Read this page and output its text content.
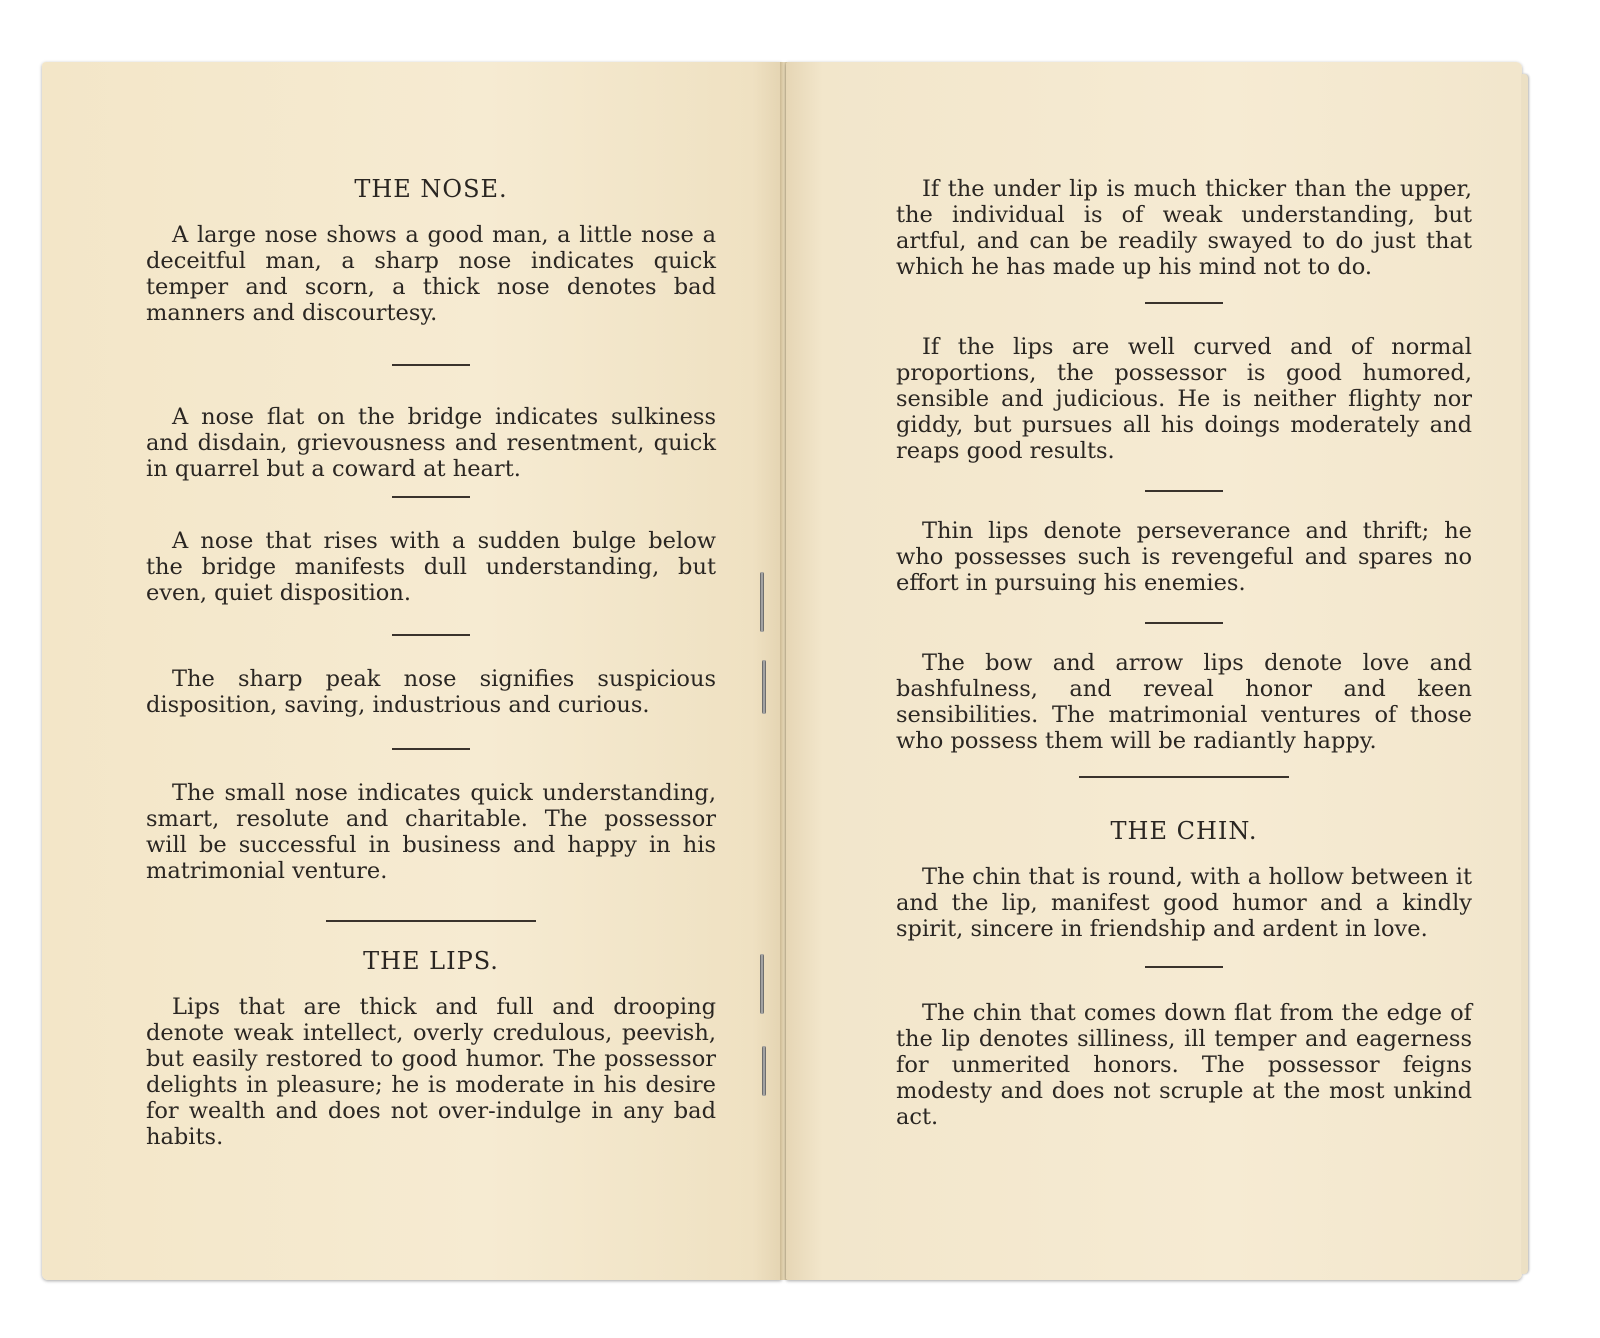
THE NOSE.

A large nose shows a good man, a little nose a deceitful man, a sharp nose indicates quick temper and scorn, a thick nose denotes bad manners and discourtesy.

A nose flat on the bridge indicates sulkiness and disdain, grievousness and resentment, quick in quarrel but a coward at heart.

A nose that rises with a sudden bulge below the bridge manifests dull understanding, but even, quiet disposition.

The sharp peak nose signifies suspicious disposition, saving, industrious and curious.

The small nose indicates quick understanding, smart, resolute and charitable. The possessor will be successful in business and happy in his matrimonial venture.

THE LIPS.

Lips that are thick and full and drooping denote weak intellect, overly credulous, peevish, but easily restored to good humor. The possessor delights in pleasure; he is moderate in his desire for wealth and does not over-indulge in any bad habits.

If the under lip is much thicker than the upper, the individual is of weak understanding, but artful, and can be readily swayed to do just that which he has made up his mind not to do.

If the lips are well curved and of normal proportions, the possessor is good humored, sensible and judicious. He is neither flighty nor giddy, but pursues all his doings moderately and reaps good results.

Thin lips denote perseverance and thrift; he who possesses such is revengeful and spares no effort in pursuing his enemies.

The bow and arrow lips denote love and bashfulness, and reveal honor and keen sensibilities. The matrimonial ventures of those who possess them will be radiantly happy.

THE CHIN.

The chin that is round, with a hollow between it and the lip, manifest good humor and a kindly spirit, sincere in friendship and ardent in love.

The chin that comes down flat from the edge of the lip denotes silliness, ill temper and eagerness for unmerited honors. The possessor feigns modesty and does not scruple at the most unkind act.
